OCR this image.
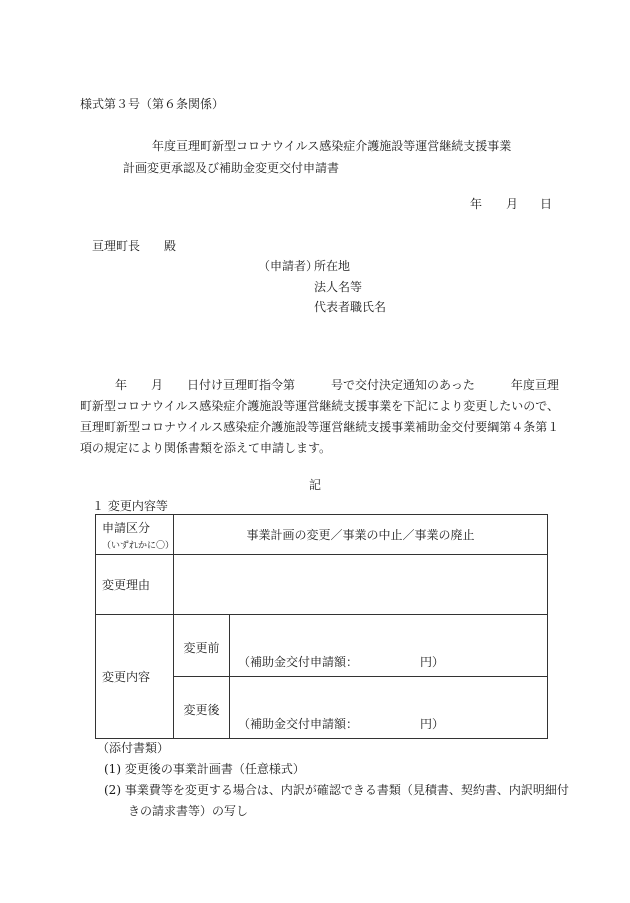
様式第３号（第６条関係）
年度亘理町新型コロナウイルス感染症介護施設等運営継続支援事業
計画変更承認及び補助金変更交付申請書
年 月 日
亘理町長　　殿
（申請者）
所在地
法人名等
代表者職氏名
年　　月　　日付け亘理町指令第　　　号で交付決定通知のあった　　　年度亘理
町新型コロナウイルス感染症介護施設等運営継続支援事業を下記により変更したいので、
亘理町新型コロナウイルス感染症介護施設等運営継続支援事業補助金交付要綱第４条第１
項の規定により関係書類を添えて申請します。
記
１ 変更内容等
申請区分
（いずれかに〇）	事業計画の変更／事業の中止／事業の廃止	
変更理由		
変更内容	変更前	（補助金交付申請額： 円）

	変更後	（補助金交付申請額： 円）
（添付書類）
(1) 変更後の事業計画書（任意様式）
(2) 事業費等を変更する場合は、内訳が確認できる書類（見積書、契約書、内訳明細付
きの請求書等）の写し
